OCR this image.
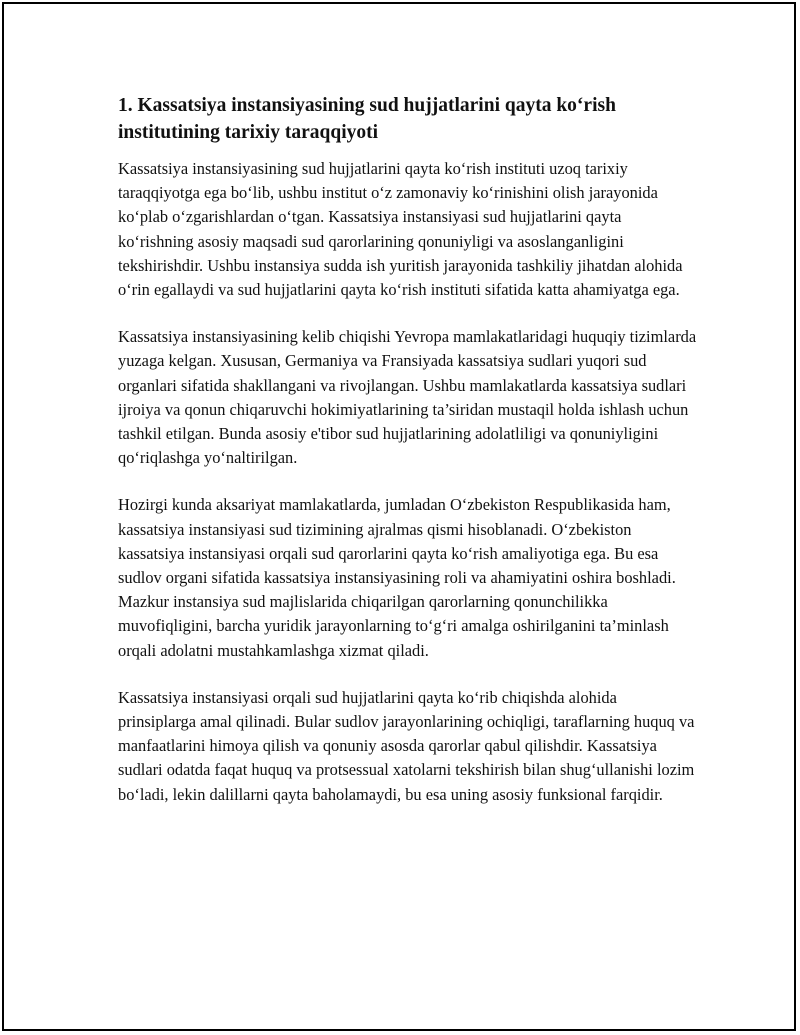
1. Kassatsiya instansiyasining sud hujjatlarini qayta ko‘rish institutining tarixiy taraqqiyoti

Kassatsiya instansiyasining sud hujjatlarini qayta ko‘rish instituti uzoq tarixiy taraqqiyotga ega bo‘lib, ushbu institut o‘z zamonaviy ko‘rinishini olish jarayonida ko‘plab o‘zgarishlardan o‘tgan. Kassatsiya instansiyasi sud hujjatlarini qayta ko‘rishning asosiy maqsadi sud qarorlarining qonuniyligi va asoslanganligini tekshirishdir. Ushbu instansiya sudda ish yuritish jarayonida tashkiliy jihatdan alohida o‘rin egallaydi va sud hujjatlarini qayta ko‘rish instituti sifatida katta ahamiyatga ega.

Kassatsiya instansiyasining kelib chiqishi Yevropa mamlakatlaridagi huquqiy tizimlarda yuzaga kelgan. Xususan, Germaniya va Fransiyada kassatsiya sudlari yuqori sud organlari sifatida shakllangani va rivojlangan. Ushbu mamlakatlarda kassatsiya sudlari ijroiya va qonun chiqaruvchi hokimiyatlarining ta’siridan mustaqil holda ishlash uchun tashkil etilgan. Bunda asosiy e'tibor sud hujjatlarining adolatliligi va qonuniyligini qo‘riqlashga yo‘naltirilgan.

Hozirgi kunda aksariyat mamlakatlarda, jumladan O‘zbekiston Respublikasida ham, kassatsiya instansiyasi sud tizimining ajralmas qismi hisoblanadi. O‘zbekiston kassatsiya instansiyasi orqali sud qarorlarini qayta ko‘rish amaliyotiga ega. Bu esa sudlov organi sifatida kassatsiya instansiyasining roli va ahamiyatini oshira boshladi. Mazkur instansiya sud majlislarida chiqarilgan qarorlarning qonunchilikka muvofiqligini, barcha yuridik jarayonlarning to‘g‘ri amalga oshirilganini ta’minlash orqali adolatni mustahkamlashga xizmat qiladi.

Kassatsiya instansiyasi orqali sud hujjatlarini qayta ko‘rib chiqishda alohida prinsiplarga amal qilinadi. Bular sudlov jarayonlarining ochiqligi, taraflarning huquq va manfaatlarini himoya qilish va qonuniy asosda qarorlar qabul qilishdir. Kassatsiya sudlari odatda faqat huquq va protsessual xatolarni tekshirish bilan shug‘ullanishi lozim bo‘ladi, lekin dalillarni qayta baholamaydi, bu esa uning asosiy funksional farqidir.
